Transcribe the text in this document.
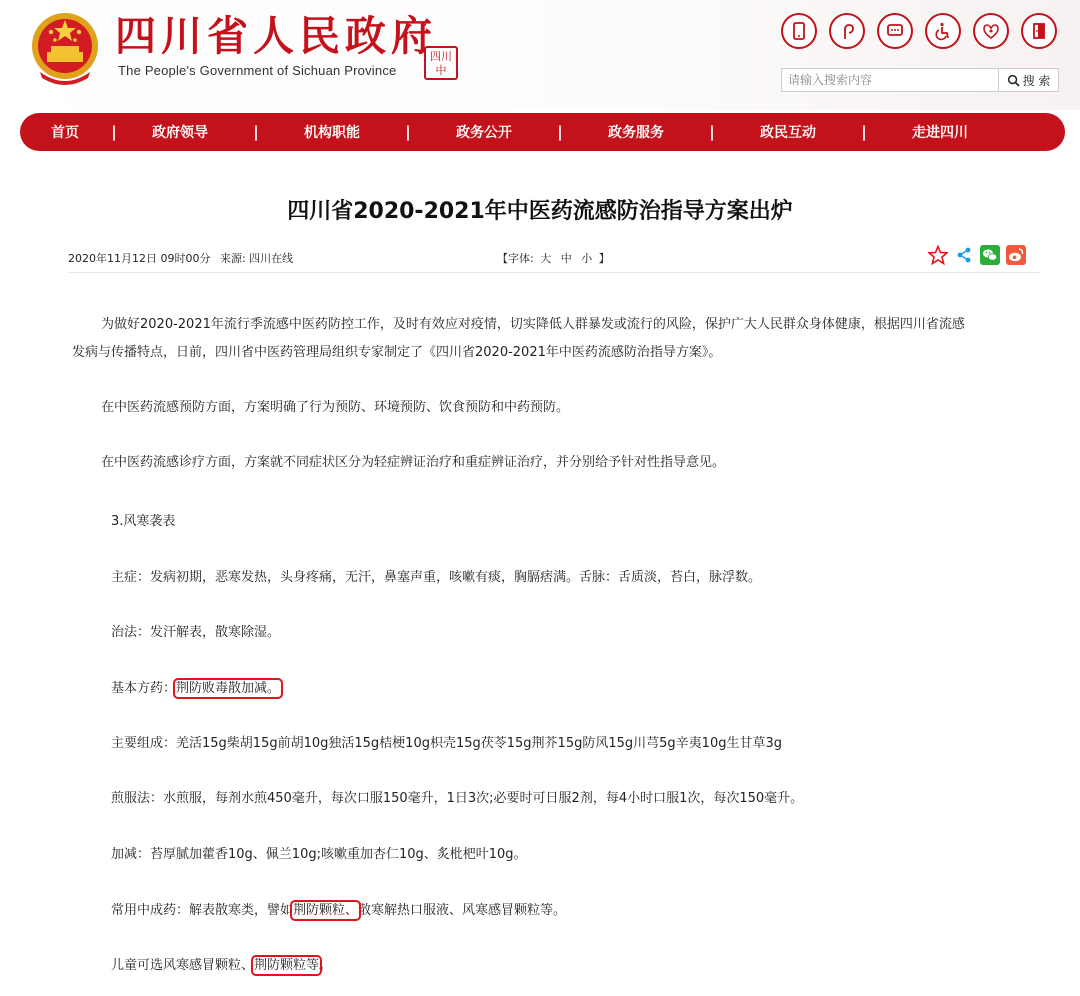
四川省人民政府
The People's Government of Sichuan Province
四川
中
请输入搜索内容
搜 索
首页	|	政府领导	|	机构职能	|	政务公开	|	政务服务	|	政民互动	|	走进四川
四川省2020-2021年中医药流感防治指导方案出炉
2020年11月12日 09时00分 来源: 四川在线	【字体: 大 中 小 】
为做好2020-2021年流行季流感中医药防控工作，及时有效应对疫情，切实降低人群暴发或流行的风险，保护广大人民群众身体健康，根据四川省流感
发病与传播特点，日前，四川省中医药管理局组织专家制定了《四川省2020-2021年中医药流感防治指导方案》。
在中医药流感预防方面，方案明确了行为预防、环境预防、饮食预防和中药预防。
在中医药流感诊疗方面，方案就不同症状区分为轻症辨证治疗和重症辨证治疗，并分别给予针对性指导意见。
3.风寒袭表
主症：发病初期，恶寒发热，头身疼痛，无汗，鼻塞声重，咳嗽有痰，胸膈痞满。舌脉：舌质淡，苔白，脉浮数。
治法：发汗解表，散寒除湿。
基本方药：荆防败毒散加减。
主要组成：羌活15g柴胡15g前胡10g独活15g桔梗10g枳壳15g茯苓15g荆芥15g防风15g川芎5g辛夷10g生甘草3g
煎服法：水煎服，每剂水煎450毫升，每次口服150毫升，1日3次;必要时可日服2剂，每4小时口服1次，每次150毫升。
加减：苔厚腻加藿香10g、佩兰10g;咳嗽重加杏仁10g、炙枇杷叶10g。
常用中成药：解表散寒类，譬如荆防颗粒、散寒解热口服液、风寒感冒颗粒等。
儿童可选风寒感冒颗粒、荆防颗粒等。
